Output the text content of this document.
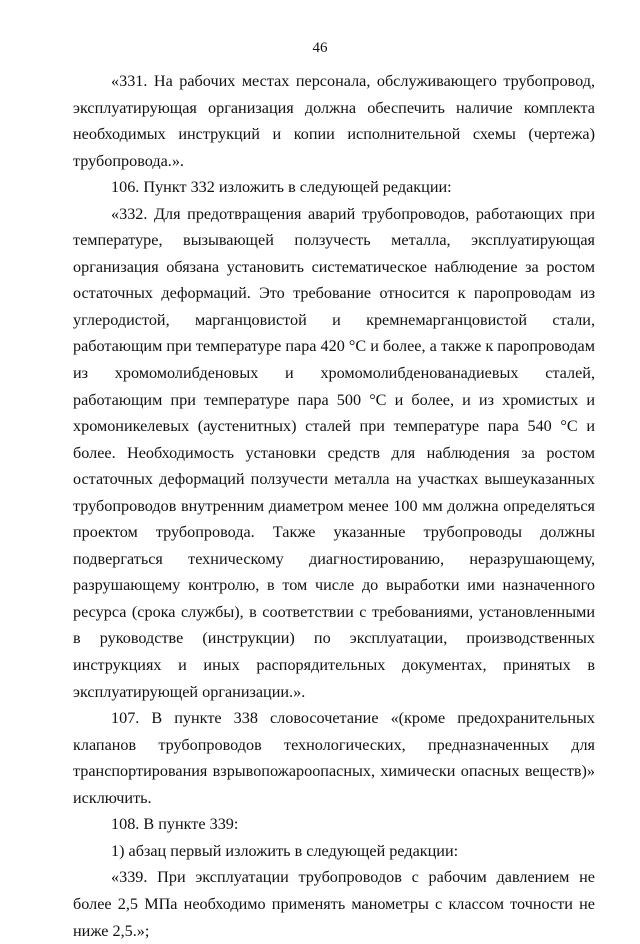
46

«331. На рабочих местах персонала, обслуживающего трубопровод, эксплуатирующая организация должна обеспечить наличие комплекта необходимых инструкций и копии исполнительной схемы (чертежа) трубопровода.».

106. Пункт 332 изложить в следующей редакции:

«332. Для предотвращения аварий трубопроводов, работающих при температуре, вызывающей ползучесть металла, эксплуатирующая организация обязана установить систематическое наблюдение за ростом остаточных деформаций. Это требование относится к паропроводам из углеродистой, марганцовистой и кремнемарганцовистой стали, работающим при температуре пара 420 °С и более, а также к паропроводам из хромомолибденовых и хромомолибденованадиевых сталей, работающим при температуре пара 500 °С и более, и из хромистых и хромоникелевых (аустенитных) сталей при температуре пара 540 °С и более. Необходимость установки средств для наблюдения за ростом остаточных деформаций ползучести металла на участках вышеуказанных трубопроводов внутренним диаметром менее 100 мм должна определяться проектом трубопровода. Также указанные трубопроводы должны подвергаться техническому диагностированию, неразрушающему, разрушающему контролю, в том числе до выработки ими назначенного ресурса (срока службы), в соответствии с требованиями, установленными в руководстве (инструкции) по эксплуатации, производственных инструкциях и иных распорядительных документах, принятых в эксплуатирующей организации.».

107. В пункте 338 словосочетание «(кроме предохранительных клапанов трубопроводов технологических, предназначенных для транспортирования взрывопожароопасных, химически опасных веществ)» исключить.

108. В пункте 339:

1) абзац первый изложить в следующей редакции:

«339. При эксплуатации трубопроводов с рабочим давлением не более 2,5 МПа необходимо применять манометры с классом точности не ниже 2,5.»;
